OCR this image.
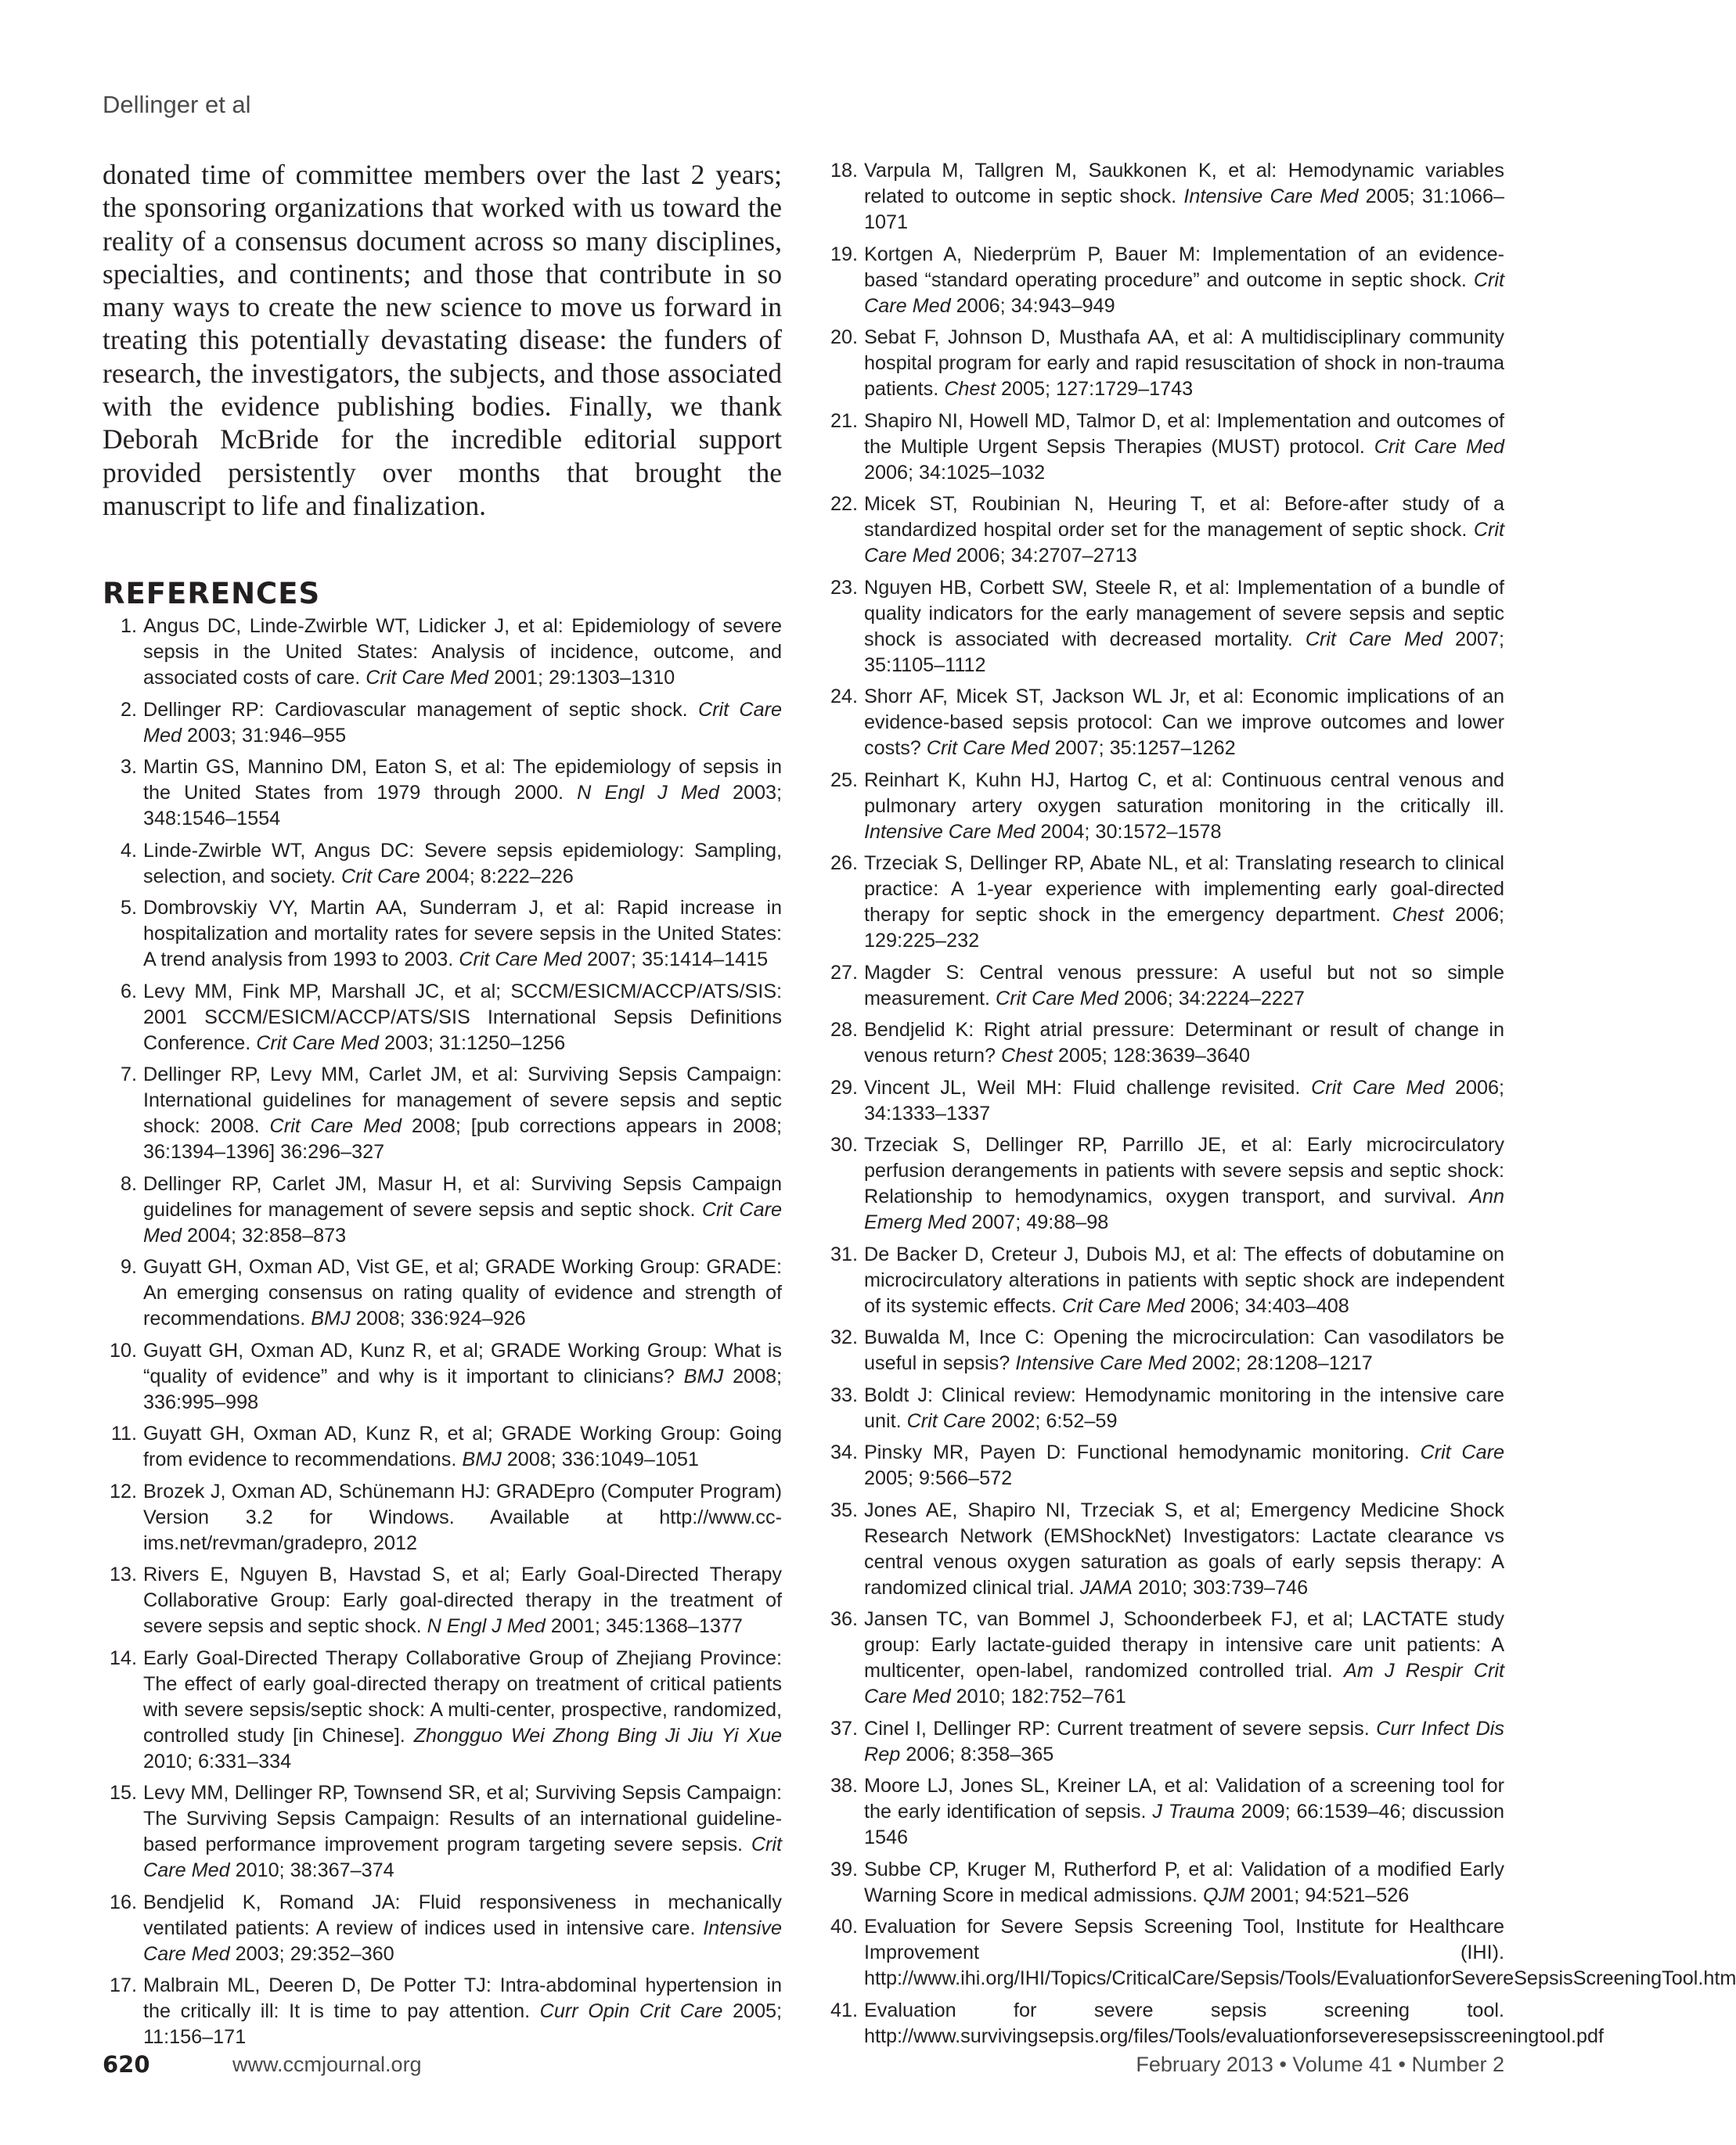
Dellinger et al

donated time of committee members over the last 2 years; the sponsoring organizations that worked with us toward the reality of a consensus document across so many disciplines, specialties, and continents; and those that contribute in so many ways to create the new science to move us forward in treating this potentially devastating disease: the funders of research, the investigators, the subjects, and those associated with the evidence publishing bodies. Finally, we thank Deborah McBride for the incredible editorial support provided persistently over months that brought the manuscript to life and finalization.

REFERENCES
1. Angus DC, Linde-Zwirble WT, Lidicker J, et al: Epidemiology of severe sepsis in the United States: Analysis of incidence, outcome, and associated costs of care. Crit Care Med 2001; 29:1303–1310
2. Dellinger RP: Cardiovascular management of septic shock. Crit Care Med 2003; 31:946–955
3. Martin GS, Mannino DM, Eaton S, et al: The epidemiology of sepsis in the United States from 1979 through 2000. N Engl J Med 2003; 348:1546–1554
4. Linde-Zwirble WT, Angus DC: Severe sepsis epidemiology: Sampling, selection, and society. Crit Care 2004; 8:222–226
5. Dombrovskiy VY, Martin AA, Sunderram J, et al: Rapid increase in hospitalization and mortality rates for severe sepsis in the United States: A trend analysis from 1993 to 2003. Crit Care Med 2007; 35:1414–1415
6. Levy MM, Fink MP, Marshall JC, et al; SCCM/ESICM/ACCP/ATS/SIS: 2001 SCCM/ESICM/ACCP/ATS/SIS International Sepsis Definitions Conference. Crit Care Med 2003; 31:1250–1256
7. Dellinger RP, Levy MM, Carlet JM, et al: Surviving Sepsis Campaign: International guidelines for management of severe sepsis and septic shock: 2008. Crit Care Med 2008; [pub corrections appears in 2008; 36:1394–1396] 36:296–327
8. Dellinger RP, Carlet JM, Masur H, et al: Surviving Sepsis Campaign guidelines for management of severe sepsis and septic shock. Crit Care Med 2004; 32:858–873
9. Guyatt GH, Oxman AD, Vist GE, et al; GRADE Working Group: GRADE: An emerging consensus on rating quality of evidence and strength of recommendations. BMJ 2008; 336:924–926
10. Guyatt GH, Oxman AD, Kunz R, et al; GRADE Working Group: What is “quality of evidence” and why is it important to clinicians? BMJ 2008; 336:995–998
11. Guyatt GH, Oxman AD, Kunz R, et al; GRADE Working Group: Going from evidence to recommendations. BMJ 2008; 336:1049–1051
12. Brozek J, Oxman AD, Schünemann HJ: GRADEpro (Computer Program) Version 3.2 for Windows. Available at http://www.cc-ims.net/revman/gradepro, 2012
13. Rivers E, Nguyen B, Havstad S, et al; Early Goal-Directed Therapy Collaborative Group: Early goal-directed therapy in the treatment of severe sepsis and septic shock. N Engl J Med 2001; 345:1368–1377
14. Early Goal-Directed Therapy Collaborative Group of Zhejiang Province: The effect of early goal-directed therapy on treatment of critical patients with severe sepsis/septic shock: A multi-center, prospective, randomized, controlled study [in Chinese]. Zhongguo Wei Zhong Bing Ji Jiu Yi Xue 2010; 6:331–334
15. Levy MM, Dellinger RP, Townsend SR, et al; Surviving Sepsis Campaign: The Surviving Sepsis Campaign: Results of an international guideline-based performance improvement program targeting severe sepsis. Crit Care Med 2010; 38:367–374
16. Bendjelid K, Romand JA: Fluid responsiveness in mechanically ventilated patients: A review of indices used in intensive care. Intensive Care Med 2003; 29:352–360
17. Malbrain ML, Deeren D, De Potter TJ: Intra-abdominal hypertension in the critically ill: It is time to pay attention. Curr Opin Crit Care 2005; 11:156–171
18. Varpula M, Tallgren M, Saukkonen K, et al: Hemodynamic variables related to outcome in septic shock. Intensive Care Med 2005; 31:1066–1071
19. Kortgen A, Niederprüm P, Bauer M: Implementation of an evidence-based “standard operating procedure” and outcome in septic shock. Crit Care Med 2006; 34:943–949
20. Sebat F, Johnson D, Musthafa AA, et al: A multidisciplinary community hospital program for early and rapid resuscitation of shock in non-trauma patients. Chest 2005; 127:1729–1743
21. Shapiro NI, Howell MD, Talmor D, et al: Implementation and outcomes of the Multiple Urgent Sepsis Therapies (MUST) protocol. Crit Care Med 2006; 34:1025–1032
22. Micek ST, Roubinian N, Heuring T, et al: Before-after study of a standardized hospital order set for the management of septic shock. Crit Care Med 2006; 34:2707–2713
23. Nguyen HB, Corbett SW, Steele R, et al: Implementation of a bundle of quality indicators for the early management of severe sepsis and septic shock is associated with decreased mortality. Crit Care Med 2007; 35:1105–1112
24. Shorr AF, Micek ST, Jackson WL Jr, et al: Economic implications of an evidence-based sepsis protocol: Can we improve outcomes and lower costs? Crit Care Med 2007; 35:1257–1262
25. Reinhart K, Kuhn HJ, Hartog C, et al: Continuous central venous and pulmonary artery oxygen saturation monitoring in the critically ill. Intensive Care Med 2004; 30:1572–1578
26. Trzeciak S, Dellinger RP, Abate NL, et al: Translating research to clinical practice: A 1-year experience with implementing early goal-directed therapy for septic shock in the emergency department. Chest 2006; 129:225–232
27. Magder S: Central venous pressure: A useful but not so simple measurement. Crit Care Med 2006; 34:2224–2227
28. Bendjelid K: Right atrial pressure: Determinant or result of change in venous return? Chest 2005; 128:3639–3640
29. Vincent JL, Weil MH: Fluid challenge revisited. Crit Care Med 2006; 34:1333–1337
30. Trzeciak S, Dellinger RP, Parrillo JE, et al: Early microcirculatory perfusion derangements in patients with severe sepsis and septic shock: Relationship to hemodynamics, oxygen transport, and survival. Ann Emerg Med 2007; 49:88–98
31. De Backer D, Creteur J, Dubois MJ, et al: The effects of dobutamine on microcirculatory alterations in patients with septic shock are independent of its systemic effects. Crit Care Med 2006; 34:403–408
32. Buwalda M, Ince C: Opening the microcirculation: Can vasodilators be useful in sepsis? Intensive Care Med 2002; 28:1208–1217
33. Boldt J: Clinical review: Hemodynamic monitoring in the intensive care unit. Crit Care 2002; 6:52–59
34. Pinsky MR, Payen D: Functional hemodynamic monitoring. Crit Care 2005; 9:566–572
35. Jones AE, Shapiro NI, Trzeciak S, et al; Emergency Medicine Shock Research Network (EMShockNet) Investigators: Lactate clearance vs central venous oxygen saturation as goals of early sepsis therapy: A randomized clinical trial. JAMA 2010; 303:739–746
36. Jansen TC, van Bommel J, Schoonderbeek FJ, et al; LACTATE study group: Early lactate-guided therapy in intensive care unit patients: A multicenter, open-label, randomized controlled trial. Am J Respir Crit Care Med 2010; 182:752–761
37. Cinel I, Dellinger RP: Current treatment of severe sepsis. Curr Infect Dis Rep 2006; 8:358–365
38. Moore LJ, Jones SL, Kreiner LA, et al: Validation of a screening tool for the early identification of sepsis. J Trauma 2009; 66:1539–46; discussion 1546
39. Subbe CP, Kruger M, Rutherford P, et al: Validation of a modified Early Warning Score in medical admissions. QJM 2001; 94:521–526
40. Evaluation for Severe Sepsis Screening Tool, Institute for Healthcare Improvement (IHI). http://www.ihi.org/IHI/Topics/CriticalCare/Sepsis/Tools/EvaluationforSevereSepsisScreeningTool.htm
41. Evaluation for severe sepsis screening tool. http://www.survivingsepsis.org/files/Tools/evaluationforseveresepsisscreeningtool.pdf
620	www.ccmjournal.org	February 2013 • Volume 41 • Number 2
